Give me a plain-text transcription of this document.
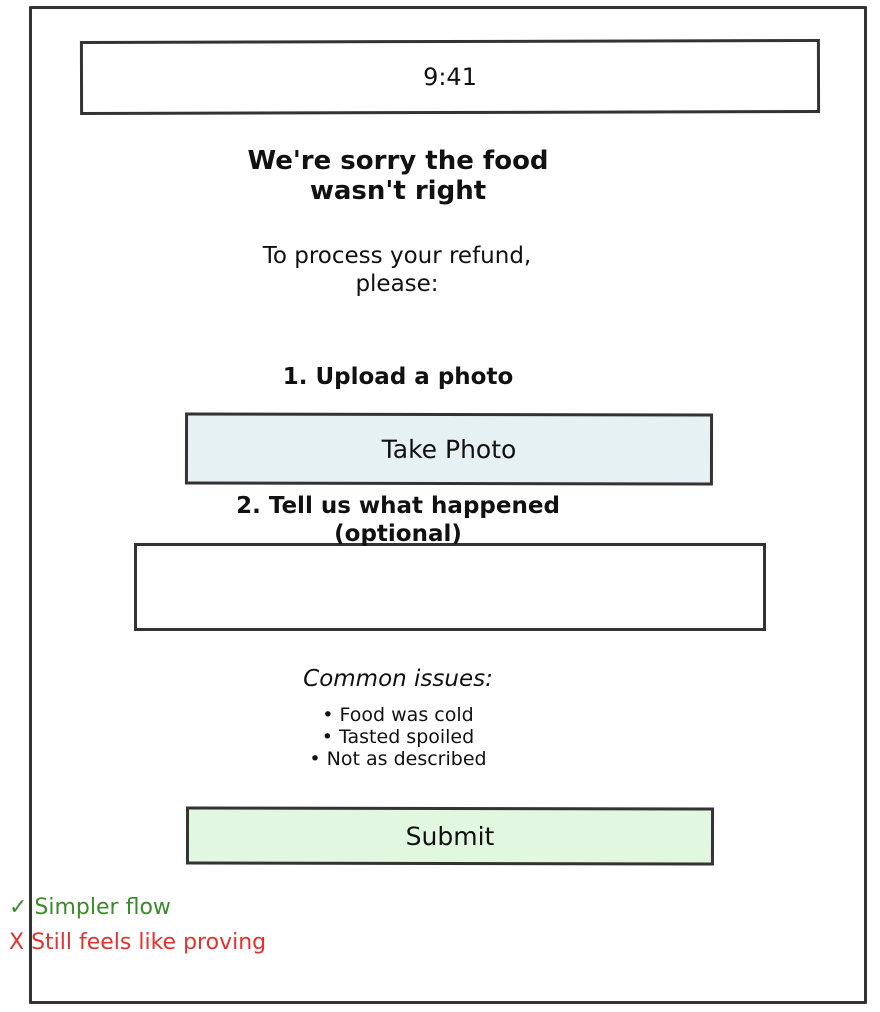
9:41
We're sorry the food wasn't right
To process your refund, please:
1. Upload a photo
Take Photo
2. Tell us what happened (optional)
Common issues:
• Food was cold
• Tasted spoiled
• Not as described
Submit
✓ Simpler flow
X Still feels like proving
